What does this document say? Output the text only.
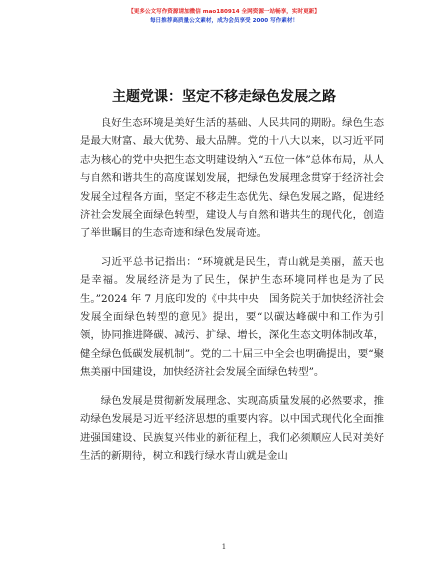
【更多公文写作资源请加微信 mao180914 全网资源一站畅享，实时更新】
每日推荐高质量公文素材，成为会员享受 2000 写作素材！
主题党课：坚定不移走绿色发展之路

良好生态环境是美好生活的基础、人民共同的期盼。绿色生态是最大财富、最大优势、最大品牌。党的十八大以来，以习近平同志为核心的党中央把生态文明建设纳入“五位一体”总体布局，从人与自然和谐共生的高度谋划发展，把绿色发展理念贯穿于经济社会发展全过程各方面，坚定不移走生态优先、绿色发展之路，促进经济社会发展全面绿色转型，建设人与自然和谐共生的现代化，创造了举世瞩目的生态奇迹和绿色发展奇迹。

习近平总书记指出：“环境就是民生，青山就是美丽，蓝天也是幸福。发展经济是为了民生，保护生态环境同样也是为了民生。”2024 年 7 月底印发的《中共中央　国务院关于加快经济社会发展全面绿色转型的意见》提出，要“以碳达峰碳中和工作为引领，协同推进降碳、减污、扩绿、增长，深化生态文明体制改革，健全绿色低碳发展机制”。党的二十届三中全会也明确提出，要“聚焦美丽中国建设，加快经济社会发展全面绿色转型”。

绿色发展是贯彻新发展理念、实现高质量发展的必然要求，推动绿色发展是习近平经济思想的重要内容。以中国式现代化全面推进强国建设、民族复兴伟业的新征程上，我们必须顺应人民对美好生活的新期待，树立和践行绿水青山就是金山

1
